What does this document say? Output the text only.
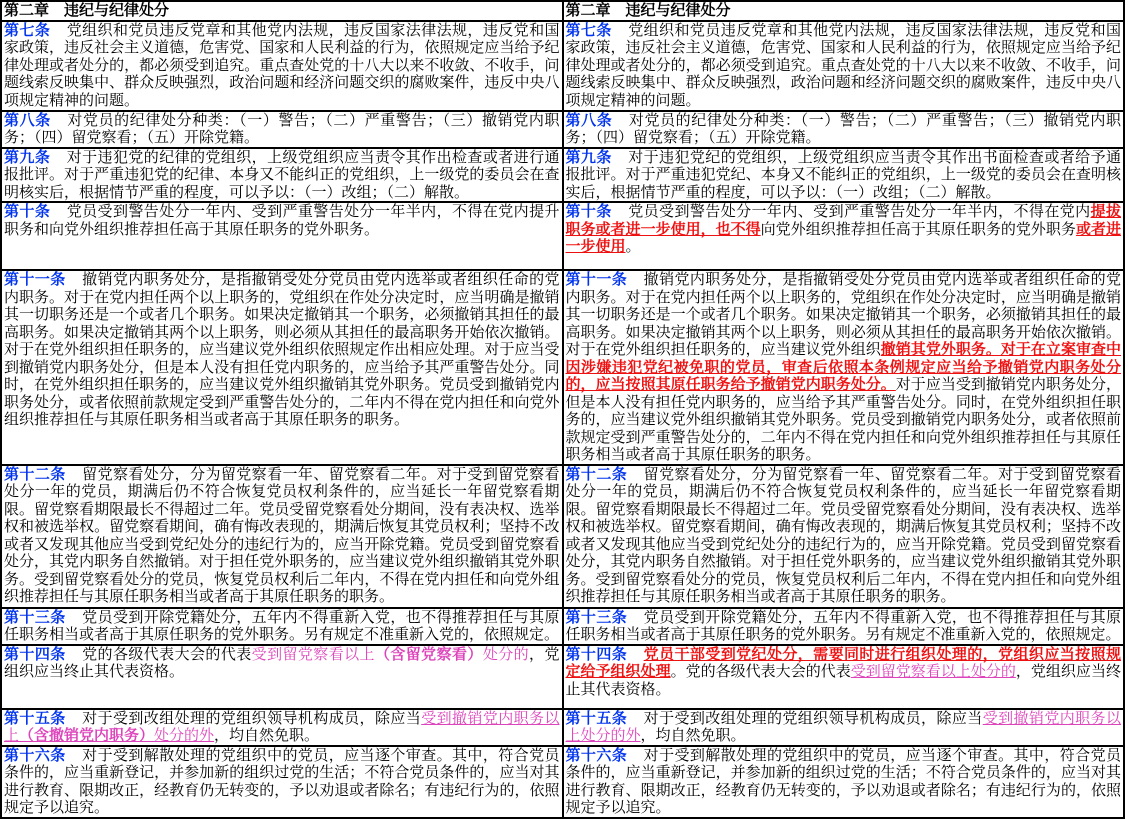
第二章　违纪与纪律处分	第二章　违纪与纪律处分
第七条 党组织和党员违反党章和其他党内法规，违反国家法律法规，违反党和国家政策，违反社会主义道德，危害党、国家和人民利益的行为，依照规定应当给予纪律处理或者处分的，都必须受到追究。重点查处党的十八大以来不收敛、不收手，问题线索反映集中、群众反映强烈，政治问题和经济问题交织的腐败案件，违反中央八项规定精神的问题。	第七条 党组织和党员违反党章和其他党内法规，违反国家法律法规，违反党和国家政策，违反社会主义道德，危害党、国家和人民利益的行为，依照规定应当给予纪律处理或者处分的，都必须受到追究。重点查处党的十八大以来不收敛、不收手，问题线索反映集中、群众反映强烈，政治问题和经济问题交织的腐败案件，违反中央八项规定精神的问题。
第八条 对党员的纪律处分种类：（一）警告；（二）严重警告；（三）撤销党内职务；（四）留党察看；（五）开除党籍。	第八条 对党员的纪律处分种类：（一）警告；（二）严重警告；（三）撤销党内职务；（四）留党察看；（五）开除党籍。
第九条 对于违犯党的纪律的党组织，上级党组织应当责令其作出检查或者进行通报批评。对于严重违犯党的纪律、本身又不能纠正的党组织，上一级党的委员会在查明核实后，根据情节严重的程度，可以予以：（一）改组；（二）解散。	第九条 对于违犯党纪的党组织，上级党组织应当责令其作出书面检查或者给予通报批评。对于严重违犯党纪、本身又不能纠正的党组织，上一级党的委员会在查明核实后，根据情节严重的程度，可以予以：（一）改组；（二）解散。
第十条 党员受到警告处分一年内、受到严重警告处分一年半内，不得在党内提升职务和向党外组织推荐担任高于其原任职务的党外职务。	第十条 党员受到警告处分一年内、受到严重警告处分一年半内，不得在党内提拔职务或者进一步使用，也不得向党外组织推荐担任高于其原任职务的党外职务或者进一步使用。
第十一条 撤销党内职务处分，是指撤销受处分党员由党内选举或者组织任命的党内职务。对于在党内担任两个以上职务的，党组织在作处分决定时，应当明确是撤销其一切职务还是一个或者几个职务。如果决定撤销其一个职务，必须撤销其担任的最高职务。如果决定撤销其两个以上职务，则必须从其担任的最高职务开始依次撤销。对于在党外组织担任职务的，应当建议党外组织依照规定作出相应处理。对于应当受到撤销党内职务处分，但是本人没有担任党内职务的，应当给予其严重警告处分。同时，在党外组织担任职务的，应当建议党外组织撤销其党外职务。党员受到撤销党内职务处分，或者依照前款规定受到严重警告处分的，二年内不得在党内担任和向党外组织推荐担任与其原任职务相当或者高于其原任职务的职务。	第十一条 撤销党内职务处分，是指撤销受处分党员由党内选举或者组织任命的党内职务。对于在党内担任两个以上职务的，党组织在作处分决定时，应当明确是撤销其一切职务还是一个或者几个职务。如果决定撤销其一个职务，必须撤销其担任的最高职务。如果决定撤销其两个以上职务，则必须从其担任的最高职务开始依次撤销。对于在党外组织担任职务的，应当建议党外组织撤销其党外职务。对于在立案审查中因涉嫌违犯党纪被免职的党员，审查后依照本条例规定应当给予撤销党内职务处分的，应当按照其原任职务给予撤销党内职务处分。对于应当受到撤销党内职务处分，但是本人没有担任党内职务的，应当给予其严重警告处分。同时，在党外组织担任职务的，应当建议党外组织撤销其党外职务。党员受到撤销党内职务处分，或者依照前款规定受到严重警告处分的，二年内不得在党内担任和向党外组织推荐担任与其原任职务相当或者高于其原任职务的职务。
第十二条 留党察看处分，分为留党察看一年、留党察看二年。对于受到留党察看处分一年的党员，期满后仍不符合恢复党员权利条件的，应当延长一年留党察看期限。留党察看期限最长不得超过二年。党员受留党察看处分期间，没有表决权、选举权和被选举权。留党察看期间，确有悔改表现的，期满后恢复其党员权利；坚持不改或者又发现其他应当受到党纪处分的违纪行为的，应当开除党籍。党员受到留党察看处分，其党内职务自然撤销。对于担任党外职务的，应当建议党外组织撤销其党外职务。受到留党察看处分的党员，恢复党员权利后二年内，不得在党内担任和向党外组织推荐担任与其原任职务相当或者高于其原任职务的职务。	第十二条 留党察看处分，分为留党察看一年、留党察看二年。对于受到留党察看处分一年的党员，期满后仍不符合恢复党员权利条件的，应当延长一年留党察看期限。留党察看期限最长不得超过二年。党员受留党察看处分期间，没有表决权、选举权和被选举权。留党察看期间，确有悔改表现的，期满后恢复其党员权利；坚持不改或者又发现其他应当受到党纪处分的违纪行为的，应当开除党籍。党员受到留党察看处分，其党内职务自然撤销。对于担任党外职务的，应当建议党外组织撤销其党外职务。受到留党察看处分的党员，恢复党员权利后二年内，不得在党内担任和向党外组织推荐担任与其原任职务相当或者高于其原任职务的职务。
第十三条 党员受到开除党籍处分，五年内不得重新入党，也不得推荐担任与其原任职务相当或者高于其原任职务的党外职务。另有规定不准重新入党的，依照规定。	第十三条 党员受到开除党籍处分，五年内不得重新入党，也不得推荐担任与其原任职务相当或者高于其原任职务的党外职务。另有规定不准重新入党的，依照规定。
第十四条 党的各级代表大会的代表受到留党察看以上（含留党察看）处分的，党组织应当终止其代表资格。	第十四条 党员干部受到党纪处分，需要同时进行组织处理的，党组织应当按照规定给予组织处理。党的各级代表大会的代表受到留党察看以上处分的，党组织应当终止其代表资格。
第十五条 对于受到改组处理的党组织领导机构成员，除应当受到撤销党内职务以上（含撤销党内职务）处分的外，均自然免职。	第十五条 对于受到改组处理的党组织领导机构成员，除应当受到撤销党内职务以上处分的外，均自然免职。
第十六条 对于受到解散处理的党组织中的党员，应当逐个审查。其中，符合党员条件的，应当重新登记，并参加新的组织过党的生活；不符合党员条件的，应当对其进行教育、限期改正，经教育仍无转变的，予以劝退或者除名；有违纪行为的，依照规定予以追究。	第十六条 对于受到解散处理的党组织中的党员，应当逐个审查。其中，符合党员条件的，应当重新登记，并参加新的组织过党的生活；不符合党员条件的，应当对其进行教育、限期改正，经教育仍无转变的，予以劝退或者除名；有违纪行为的，依照规定予以追究。
